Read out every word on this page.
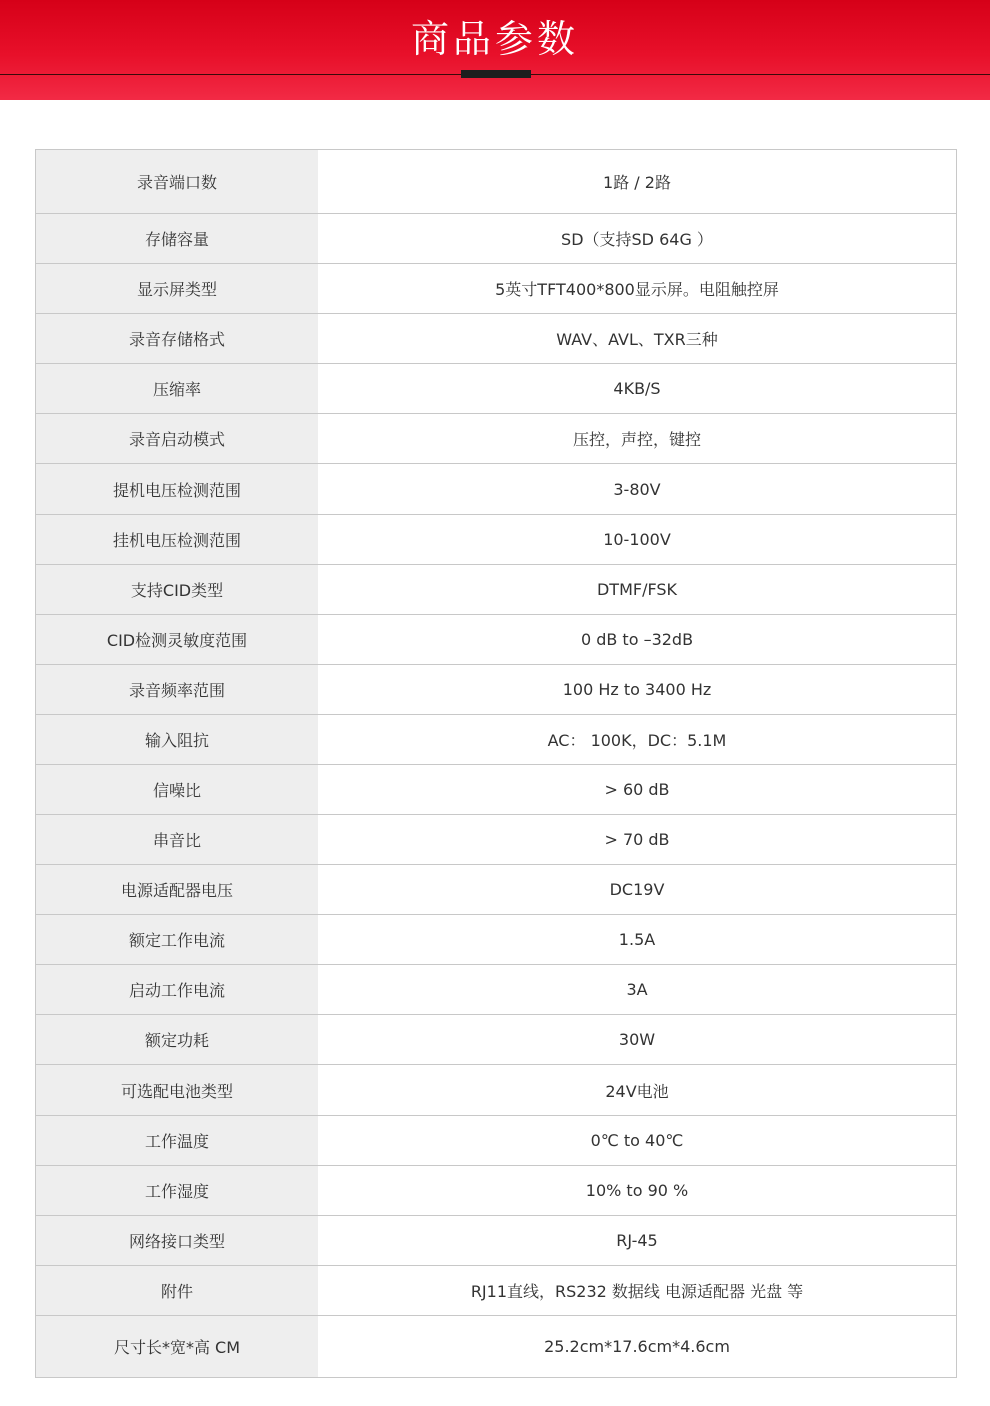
商品参数
录音端口数	1路 / 2路
存储容量	SD（支持SD 64G ）
显示屏类型	5英寸TFT400*800显示屏。电阻触控屏
录音存储格式	WAV、AVL、TXR三种
压缩率	4KB/S
录音启动模式	压控，声控，键控
提机电压检测范围	3-80V
挂机电压检测范围	10-100V
支持CID类型	DTMF/FSK
CID检测灵敏度范围	0 dB to –32dB
录音频率范围	100 Hz to 3400 Hz
输入阻抗	AC： 100K，DC：5.1M
信噪比	> 60 dB
串音比	> 70 dB
电源适配器电压	DC19V
额定工作电流	1.5A
启动工作电流	3A
额定功耗	30W
可选配电池类型	24V电池
工作温度	0℃ to 40℃
工作湿度	10% to 90 %
网络接口类型	RJ-45
附件	RJ11直线，RS232 数据线 电源适配器 光盘 等
尺寸长*宽*高 CM	25.2cm*17.6cm*4.6cm
